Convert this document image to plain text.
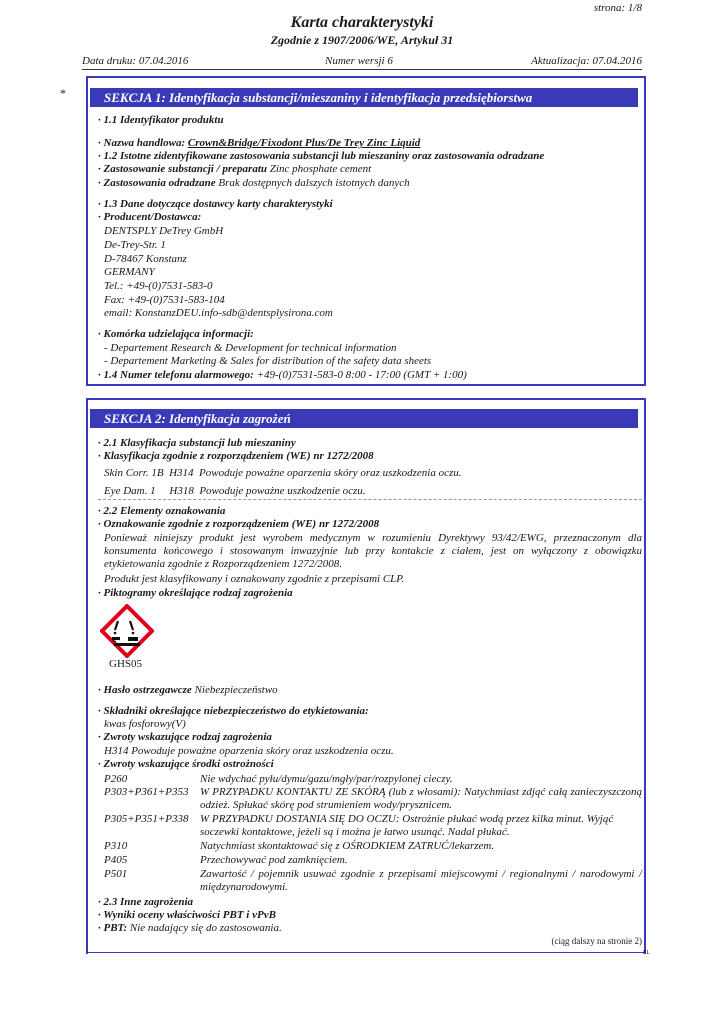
strona: 1/8
Karta charakterystyki
Zgodnie z 1907/2006/WE, Artykuł 31
Data druku: 07.04.2016	Numer wersji 6	Aktualizacja: 07.04.2016
*	SEKCJA 1: Identyfikacja substancji/mieszaniny i identyfikacja przedsiębiorstwa
· 1.1 Identyfikator produktu
· Nazwa handlowa: Crown&Bridge/Fixodont Plus/De Trey Zinc Liquid
· 1.2 Istotne zidentyfikowane zastosowania substancji lub mieszaniny oraz zastosowania odradzane
· Zastosowanie substancji / preparatu Zinc phosphate cement
· Zastosowania odradzane Brak dostępnych dalszych istotnych danych
· 1.3 Dane dotyczące dostawcy karty charakterystyki
· Producent/Dostawca:
DENTSPLY DeTrey GmbH
De-Trey-Str. 1
D-78467 Konstanz
GERMANY
Tel.: +49-(0)7531-583-0
Fax: +49-(0)7531-583-104
email: KonstanzDEU.info-sdb@dentsplysirona.com
· Komórka udzielająca informacji:
- Departement Research & Development for technical information
- Departement Marketing & Sales for distribution of the safety data sheets
· 1.4 Numer telefonu alarmowego: +49-(0)7531-583-0 8:00 - 17:00 (GMT + 1:00)
SEKCJA 2: Identyfikacja zagrożeń
· 2.1 Klasyfikacja substancji lub mieszaniny
· Klasyfikacja zgodnie z rozporządzeniem (WE) nr 1272/2008
Skin Corr. 1B  H314  Powoduje poważne oparzenia skóry oraz uszkodzenia oczu.
Eye Dam. 1     H318  Powoduje poważne uszkodzenie oczu.
· 2.2 Elementy oznakowania
· Oznakowanie zgodnie z rozporządzeniem (WE) nr 1272/2008
Ponieważ niniejszy produkt jest wyrobem medycznym w rozumieniu Dyrektywy 93/42/EWG, przeznaczonym dla konsumenta końcowego i stosowanym inwazyjnie lub przy kontakcie z ciałem, jest on wyłączony z obowiązku etykietowania zgodnie z Rozporządzeniem 1272/2008.
Produkt jest klasyfikowany i oznakowany zgodnie z przepisami CLP.
· Piktogramy określające rodzaj zagrożenia
GHS05
· Hasło ostrzegawcze Niebezpieczeństwo
· Składniki określające niebezpieczeństwo do etykietowania:
kwas fosforowy(V)
· Zwroty wskazujące rodzaj zagrożenia
H314 Powoduje poważne oparzenia skóry oraz uszkodzenia oczu.
· Zwroty wskazujące środki ostrożności
P260	Nie wdychać pyłu/dymu/gazu/mgły/par/rozpylonej cieczy.
P303+P361+P353	W PRZYPADKU KONTAKTU ZE SKÓRĄ (lub z włosami): Natychmiast zdjąć całą zanieczyszczoną odzież. Spłukać skórę pod strumieniem wody/prysznicem.
P305+P351+P338	W PRZYPADKU DOSTANIA SIĘ DO OCZU: Ostrożnie płukać wodą przez kilka minut. Wyjąć soczewki kontaktowe, jeżeli są i można je łatwo usunąć. Nadal płukać.
P310	Natychmiast skontaktować się z OŚRODKIEM ZATRUĆ/lekarzem.
P405	Przechowywać pod zamknięciem.
P501	Zawartość / pojemnik usuwać zgodnie z przepisami miejscowymi / regionalnymi / narodowymi / międzynarodowymi.
· 2.3 Inne zagrożenia
· Wyniki oceny właściwości PBT i vPvB
· PBT: Nie nadający się do zastosowania.
(ciąg dalszy na stronie 2)
PL
